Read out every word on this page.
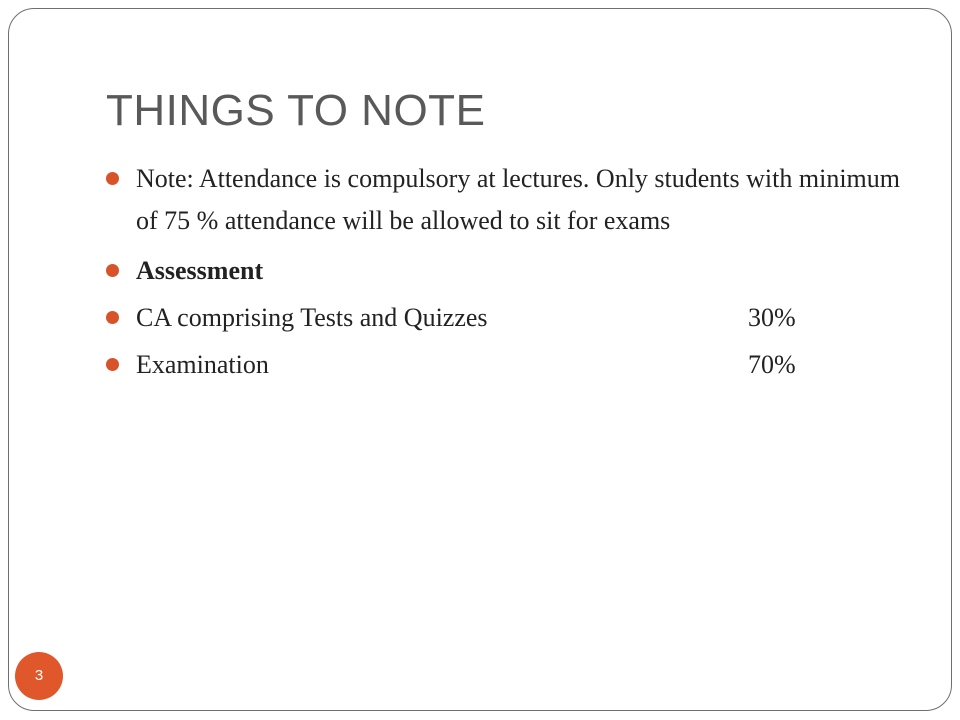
THINGS TO NOTE
Note: Attendance is compulsory at lectures. Only students with minimum of 75 % attendance will be allowed to sit for exams
Assessment
CA comprising Tests and Quizzes	30%
Examination	70%
3
